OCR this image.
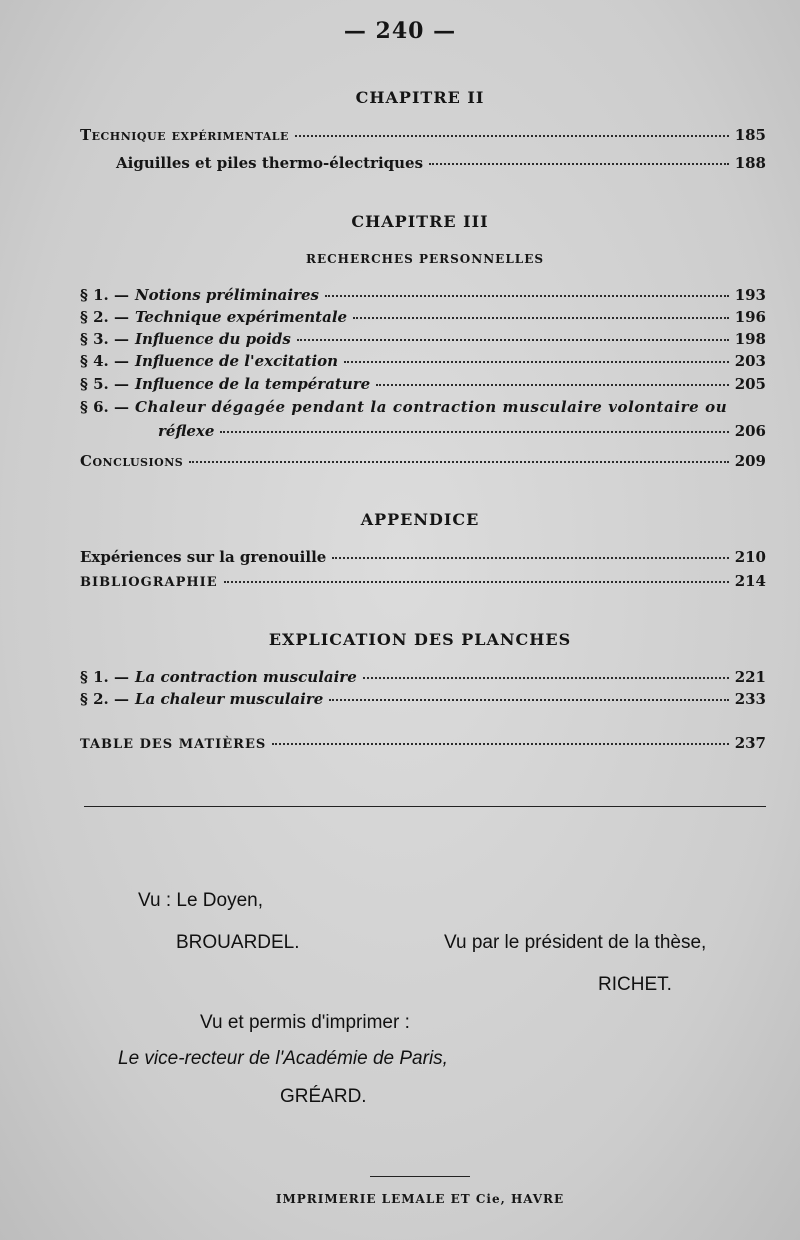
— 240 —
CHAPITRE II
Technique expérimentale	185
Aiguilles et piles thermo-électriques	188
CHAPITRE III
RECHERCHES PERSONNELLES
§ 1. — Notions préliminaires	193
§ 2. — Technique expérimentale	196
§ 3. — Influence du poids	198
§ 4. — Influence de l'excitation	203
§ 5. — Influence de la température	205
§ 6. — Chaleur dégagée pendant la contraction musculaire volontaire ou
réflexe	206
Conclusions	209
APPENDICE
Expériences sur la grenouille	210
BIBLIOGRAPHIE	214
EXPLICATION DES PLANCHES
§ 1. — La contraction musculaire	221
§ 2. — La chaleur musculaire	233
TABLE DES MATIÈRES	237
Vu : Le Doyen,
BROUARDEL.	Vu par le président de la thèse,
RICHET.
Vu et permis d'imprimer :
Le vice-recteur de l'Académie de Paris,
GRÉARD.
IMPRIMERIE LEMALE ET Cie, HAVRE
